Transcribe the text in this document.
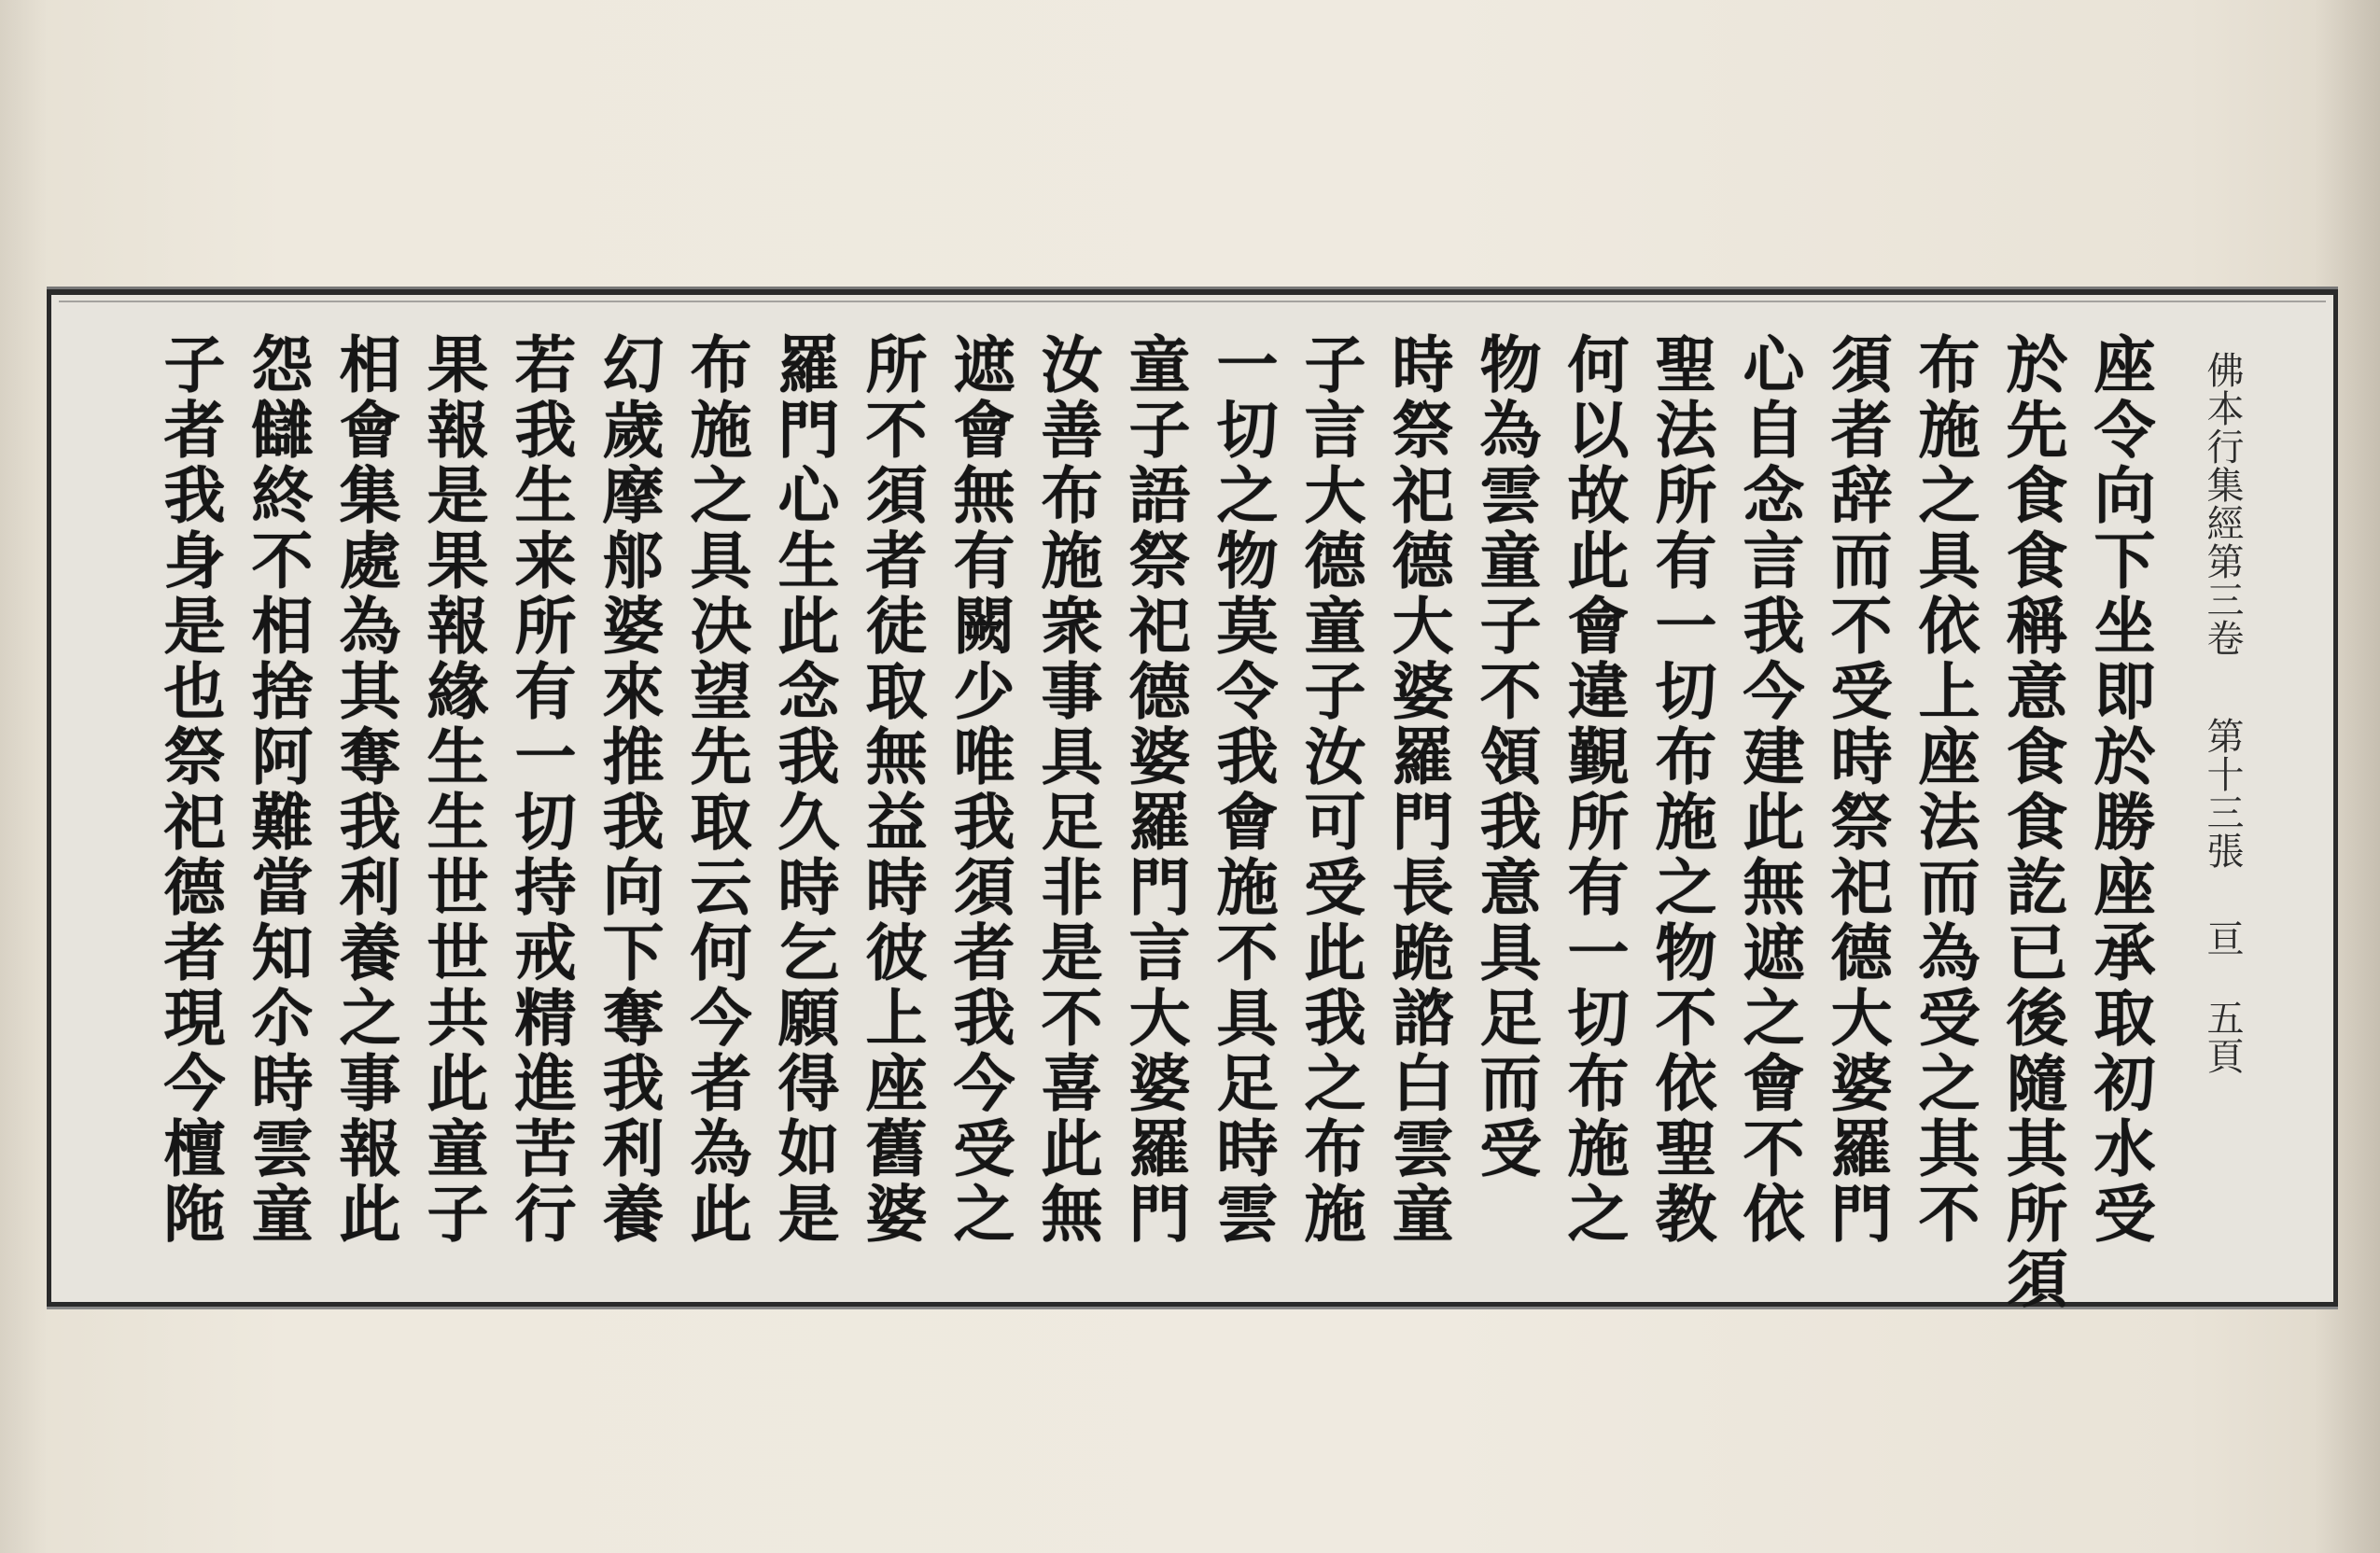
佛本行集經第三卷 第十三張 亘 五頁
座令向下坐即於勝座承取初水受
於先食食稱意食食訖已後隨其所須
布施之具依上座法而為受之其不
須者辞而不受時祭祀德大婆羅門
心自念言我今建此無遮之會不依
聖法所有一切布施之物不依聖教
何以故此會違覲所有一切布施之
物為雲童子不領我意具足而受
時祭祀德大婆羅門長跪諮白雲童
子言大德童子汝可受此我之布施
一切之物莫令我會施不具足時雲
童子語祭祀德婆羅門言大婆羅門
汝善布施衆事具足非是不喜此無
遮會無有闕少唯我須者我今受之
所不須者徒取無益時彼上座舊婆
羅門心生此念我久時乞願得如是
布施之具决望先取云何今者為此
幻歲摩郍婆來推我向下奪我利養
若我生来所有一切持戒精進苦行
果報是果報緣生生世世共此童子
相會集處為其奪我利養之事報此
怨讎終不相捨阿難當知尒時雲童
子者我身是也祭祀德者現今檀陁
